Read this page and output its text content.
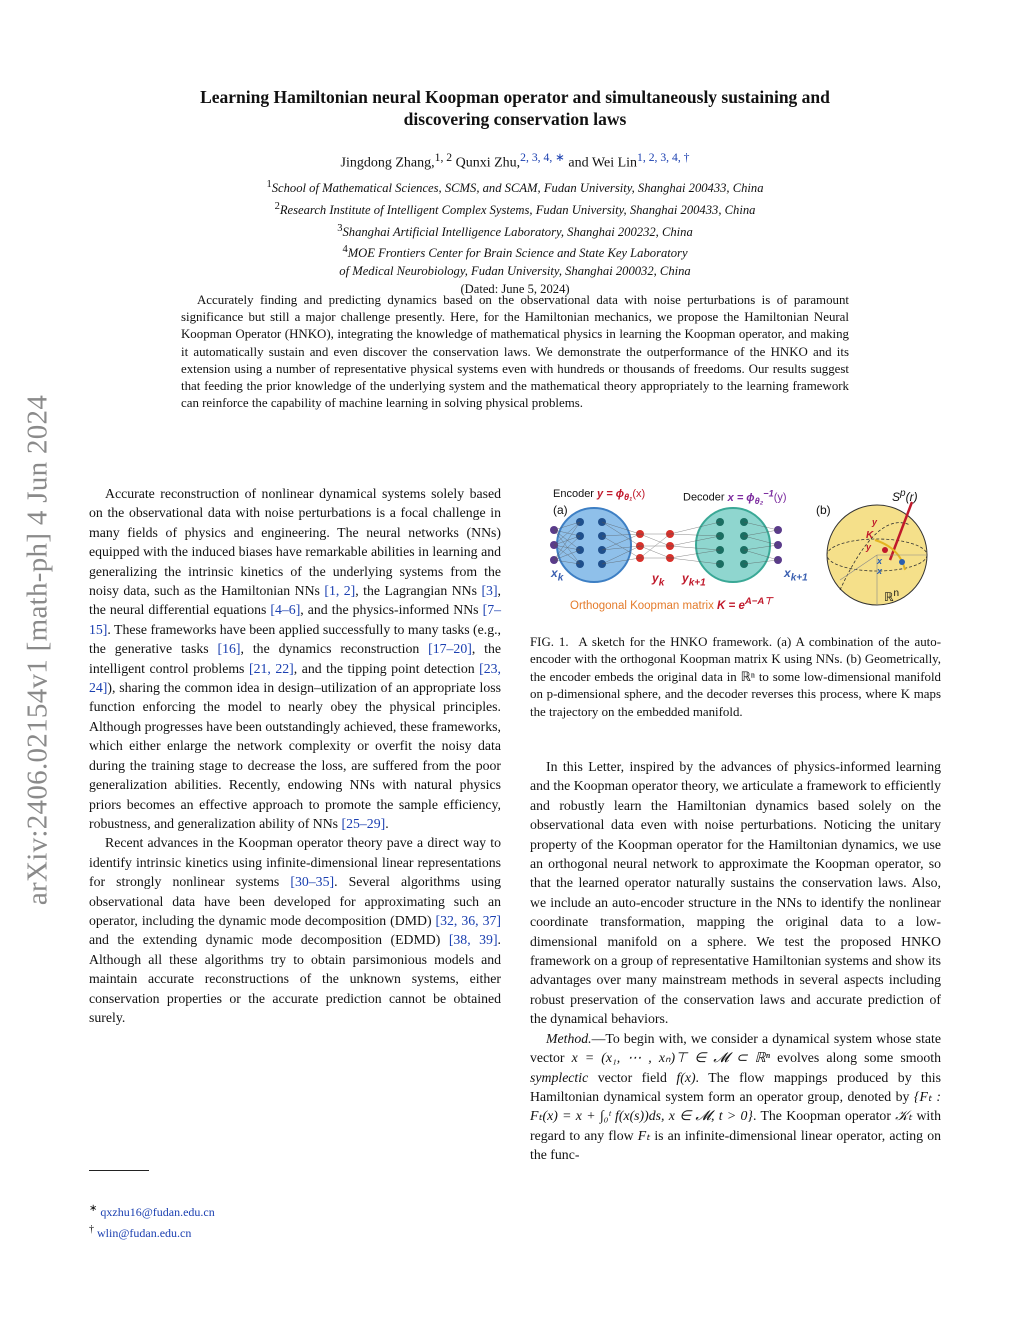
arXiv:2406.02154v1 [math-ph] 4 Jun 2024
Learning Hamiltonian neural Koopman operator and simultaneously sustaining and
discovering conservation laws
Jingdong Zhang,$^{1, 2}$ Qunxi Zhu,$^{2, 3, 4, ∗}$ and Wei Lin$^{1, 2, 3, 4, \dagger}$
$^1$School of Mathematical Sciences, SCMS, and SCAM, Fudan University, Shanghai 200433, China
$^2$Research Institute of Intelligent Complex Systems, Fudan University, Shanghai 200433, China
$^3$Shanghai Artificial Intelligence Laboratory, Shanghai 200232, China
$^4$MOE Frontiers Center for Brain Science and State Key Laboratory
of Medical Neurobiology, Fudan University, Shanghai 200032, China
(Dated: June 5, 2024)
Accurately finding and predicting dynamics based on the observational data with noise perturbations is of paramount significance but still a major challenge presently. Here, for the Hamiltonian mechanics, we propose the Hamiltonian Neural Koopman Operator (HNKO), integrating the knowledge of mathematical physics in learning the Koopman operator, and making it automatically sustain and even discover the conservation laws. We demonstrate the outperformance of the HNKO and its extension using a number of representative physical systems even with hundreds or thousands of freedoms. Our results suggest that feeding the prior knowledge of the underlying system and the mathematical theory appropriately to the learning framework can reinforce the capability of machine learning in solving physical problems.

Accurate reconstruction of nonlinear dynamical systems solely based on the observational data with noise perturbations is a focal challenge in many fields of physics and engineering. The neural networks (NNs) equipped with the induced biases have remarkable abilities in learning and generalizing the intrinsic kinetics of the underlying systems from the noisy data, such as the Hamiltonian NNs [1, 2], the Lagrangian NNs [3], the neural differential equations [4–6], and the physics-informed NNs [7–15]. These frameworks have been applied successfully to many tasks (e.g., the generative tasks [16], the dynamics reconstruction [17–20], the intelligent control problems [21, 22], and the tipping point detection [23, 24]), sharing the common idea in design–utilization of an appropriate loss function enforcing the model to nearly obey the physical principles. Although progresses have been outstandingly achieved, these frameworks, which either enlarge the network complexity or overfit the noisy data during the training stage to decrease the loss, are suffered from the poor generalization abilities. Recently, endowing NNs with natural physics priors becomes an effective approach to promote the sample efficiency, robustness, and generalization ability of NNs [25–29].

Recent advances in the Koopman operator theory pave a direct way to identify intrinsic kinetics using infinite-dimensional linear representations for strongly nonlinear systems [30–35]. Several algorithms using observational data have been developed for approximating such an operator, including the dynamic mode decomposition (DMD) [32, 36, 37] and the extending dynamic mode decomposition (EDMD) [38, 39]. Although all these algorithms try to obtain parsimonious models and maintain accurate reconstructions of the unknown systems, either conservation properties or the accurate prediction cannot be obtained surely.

∗ qxzhu16@fudan.edu.cn
† wlin@fudan.edu.cn
Encoder $y = \phi_{\theta_1}(x)$	Decoder $x = \phi_{\theta_2}^{-1}(y)$
(a)	(b)
$x_k$	$x_{k+1}$
$y_k$ $y_{k+1}$
Orthogonal Koopman matrix $K = e^{A-A⊤}$
$S^p(r)$
ℝ$^n$
K
y
y
x
x
FIG. 1. A sketch for the HNKO framework. (a) A combination of the auto-encoder with the orthogonal Koopman matrix K using NNs. (b) Geometrically, the encoder embeds the original data in ℝⁿ to some low-dimensional manifold on p-dimensional sphere, and the decoder reverses this process, where K maps the trajectory on the embedded manifold.

In this Letter, inspired by the advances of physics-informed learning and the Koopman operator theory, we articulate a framework to efficiently and robustly learn the Hamiltonian dynamics based solely on the observational data even with noise perturbations. Noticing the unitary property of the Koopman operator for the Hamiltonian dynamics, we use an orthogonal neural network to approximate the Koopman operator, so that the learned operator naturally sustains the conservation laws. Also, we include an auto-encoder structure in the NNs to identify the nonlinear coordinate transformation, mapping the original data to a low-dimensional manifold on a sphere. We test the proposed HNKO framework on a group of representative Hamiltonian systems and show its advantages over many mainstream methods in several aspects including robust preservation of the conservation laws and accurate prediction of the dynamical behaviors.

Method.—To begin with, we consider a dynamical system whose state vector x = (x₁, ⋯ , xₙ)⊤ ∈ 𝓜 ⊂ ℝⁿ evolves along some smooth symplectic vector field f(x). The flow mappings produced by this Hamiltonian dynamical system form an operator group, denoted by {Fₜ : Fₜ(x) = x + ∫₀ᵗ f(x(s))ds, x ∈ 𝓜, t > 0}. The Koopman operator 𝒦ₜ with regard to any flow Fₜ is an infinite-dimensional linear operator, acting on the func-
